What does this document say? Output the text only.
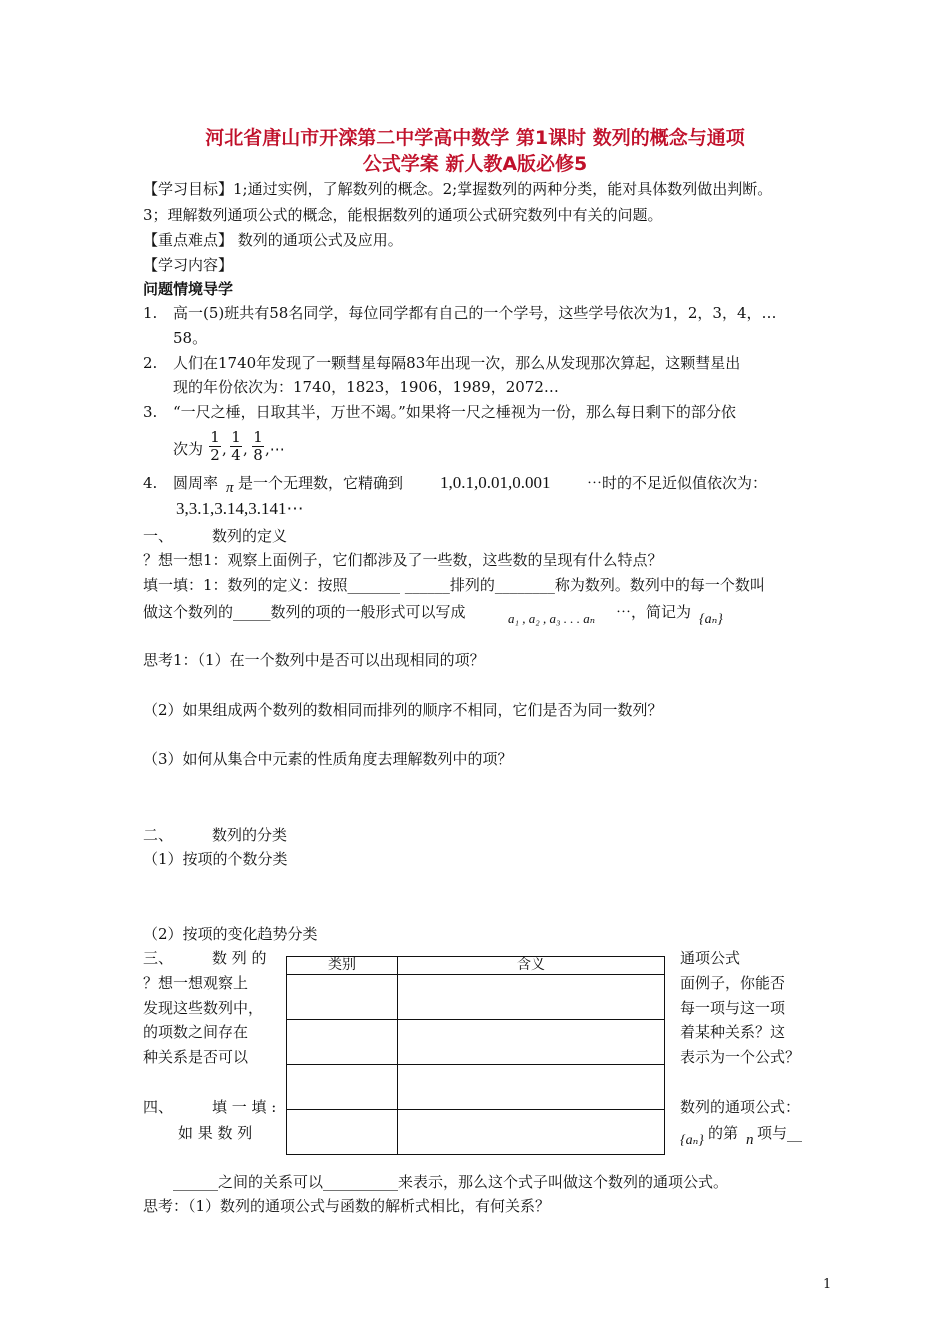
河北省唐山市开滦第二中学高中数学 第1课时 数列的概念与通项
公式学案 新人教A版必修5
【学习目标】1;通过实例，了解数列的概念。2;掌握数列的两种分类，能对具体数列做出判断。
3；理解数列通项公式的概念，能根据数列的通项公式研究数列中有关的问题。
【重点难点】 数列的通项公式及应用。
【学习内容】
问题情境导学
1. 高一(5)班共有58名同学，每位同学都有自己的一个学号，这些学号依次为1，2，3，4，…
58。
2. 人们在1740年发现了一颗彗星每隔83年出现一次，那么从发现那次算起，这颗彗星出
现的年份依次为：1740，1823，1906，1989，2072…
3. “一尺之棰，日取其半，万世不竭。”如果将一尺之棰视为一份，那么每日剩下的部分依
次为 $\frac{1}{2}$ , $\frac{1}{4}$ , $\frac{1}{8}$ ,⋯
4. 圆周率 π 是一个无理数，它精确到 1,0.1,0.01,0.001 ⋯时的不足近似值依次为：
3,3.1,3.14,3.141⋯
一、	数列的定义
？想一想1：观察上面例子，它们都涉及了一些数，这些数的呈现有什么特点？
填一填：1：数列的定义：按照_______ ______排列的________称为数列。数列中的每一个数叫
做这个数列的_____数列的项的一般形式可以写成	a₁ , a₂ , a₃ . . . aₙ ⋯，简记为 {aₙ}
思考1：（1）在一个数列中是否可以出现相同的项？
（2）如果组成两个数列的数相同而排列的顺序不相同，它们是否为同一数列？
（3）如何从集合中元素的性质角度去理解数列中的项？
二、	数列的分类
（1）按项的个数分类
（2）按项的变化趋势分类
类别	含义

三、	数 列 的
？想一想观察上
发现这些数列中，
的项数之间存在
种关系是否可以
通项公式
面例子，你能否
每一项与这一项
着某种关系？这
表示为一个公式？
四、	填 一 填 :
如 果 数 列
数列的通项公式：
{aₙ} 的第 n 项与__
______之间的关系可以__________来表示，那么这个式子叫做这个数列的通项公式。
思考：（1）数列的通项公式与函数的解析式相比，有何关系？
1
